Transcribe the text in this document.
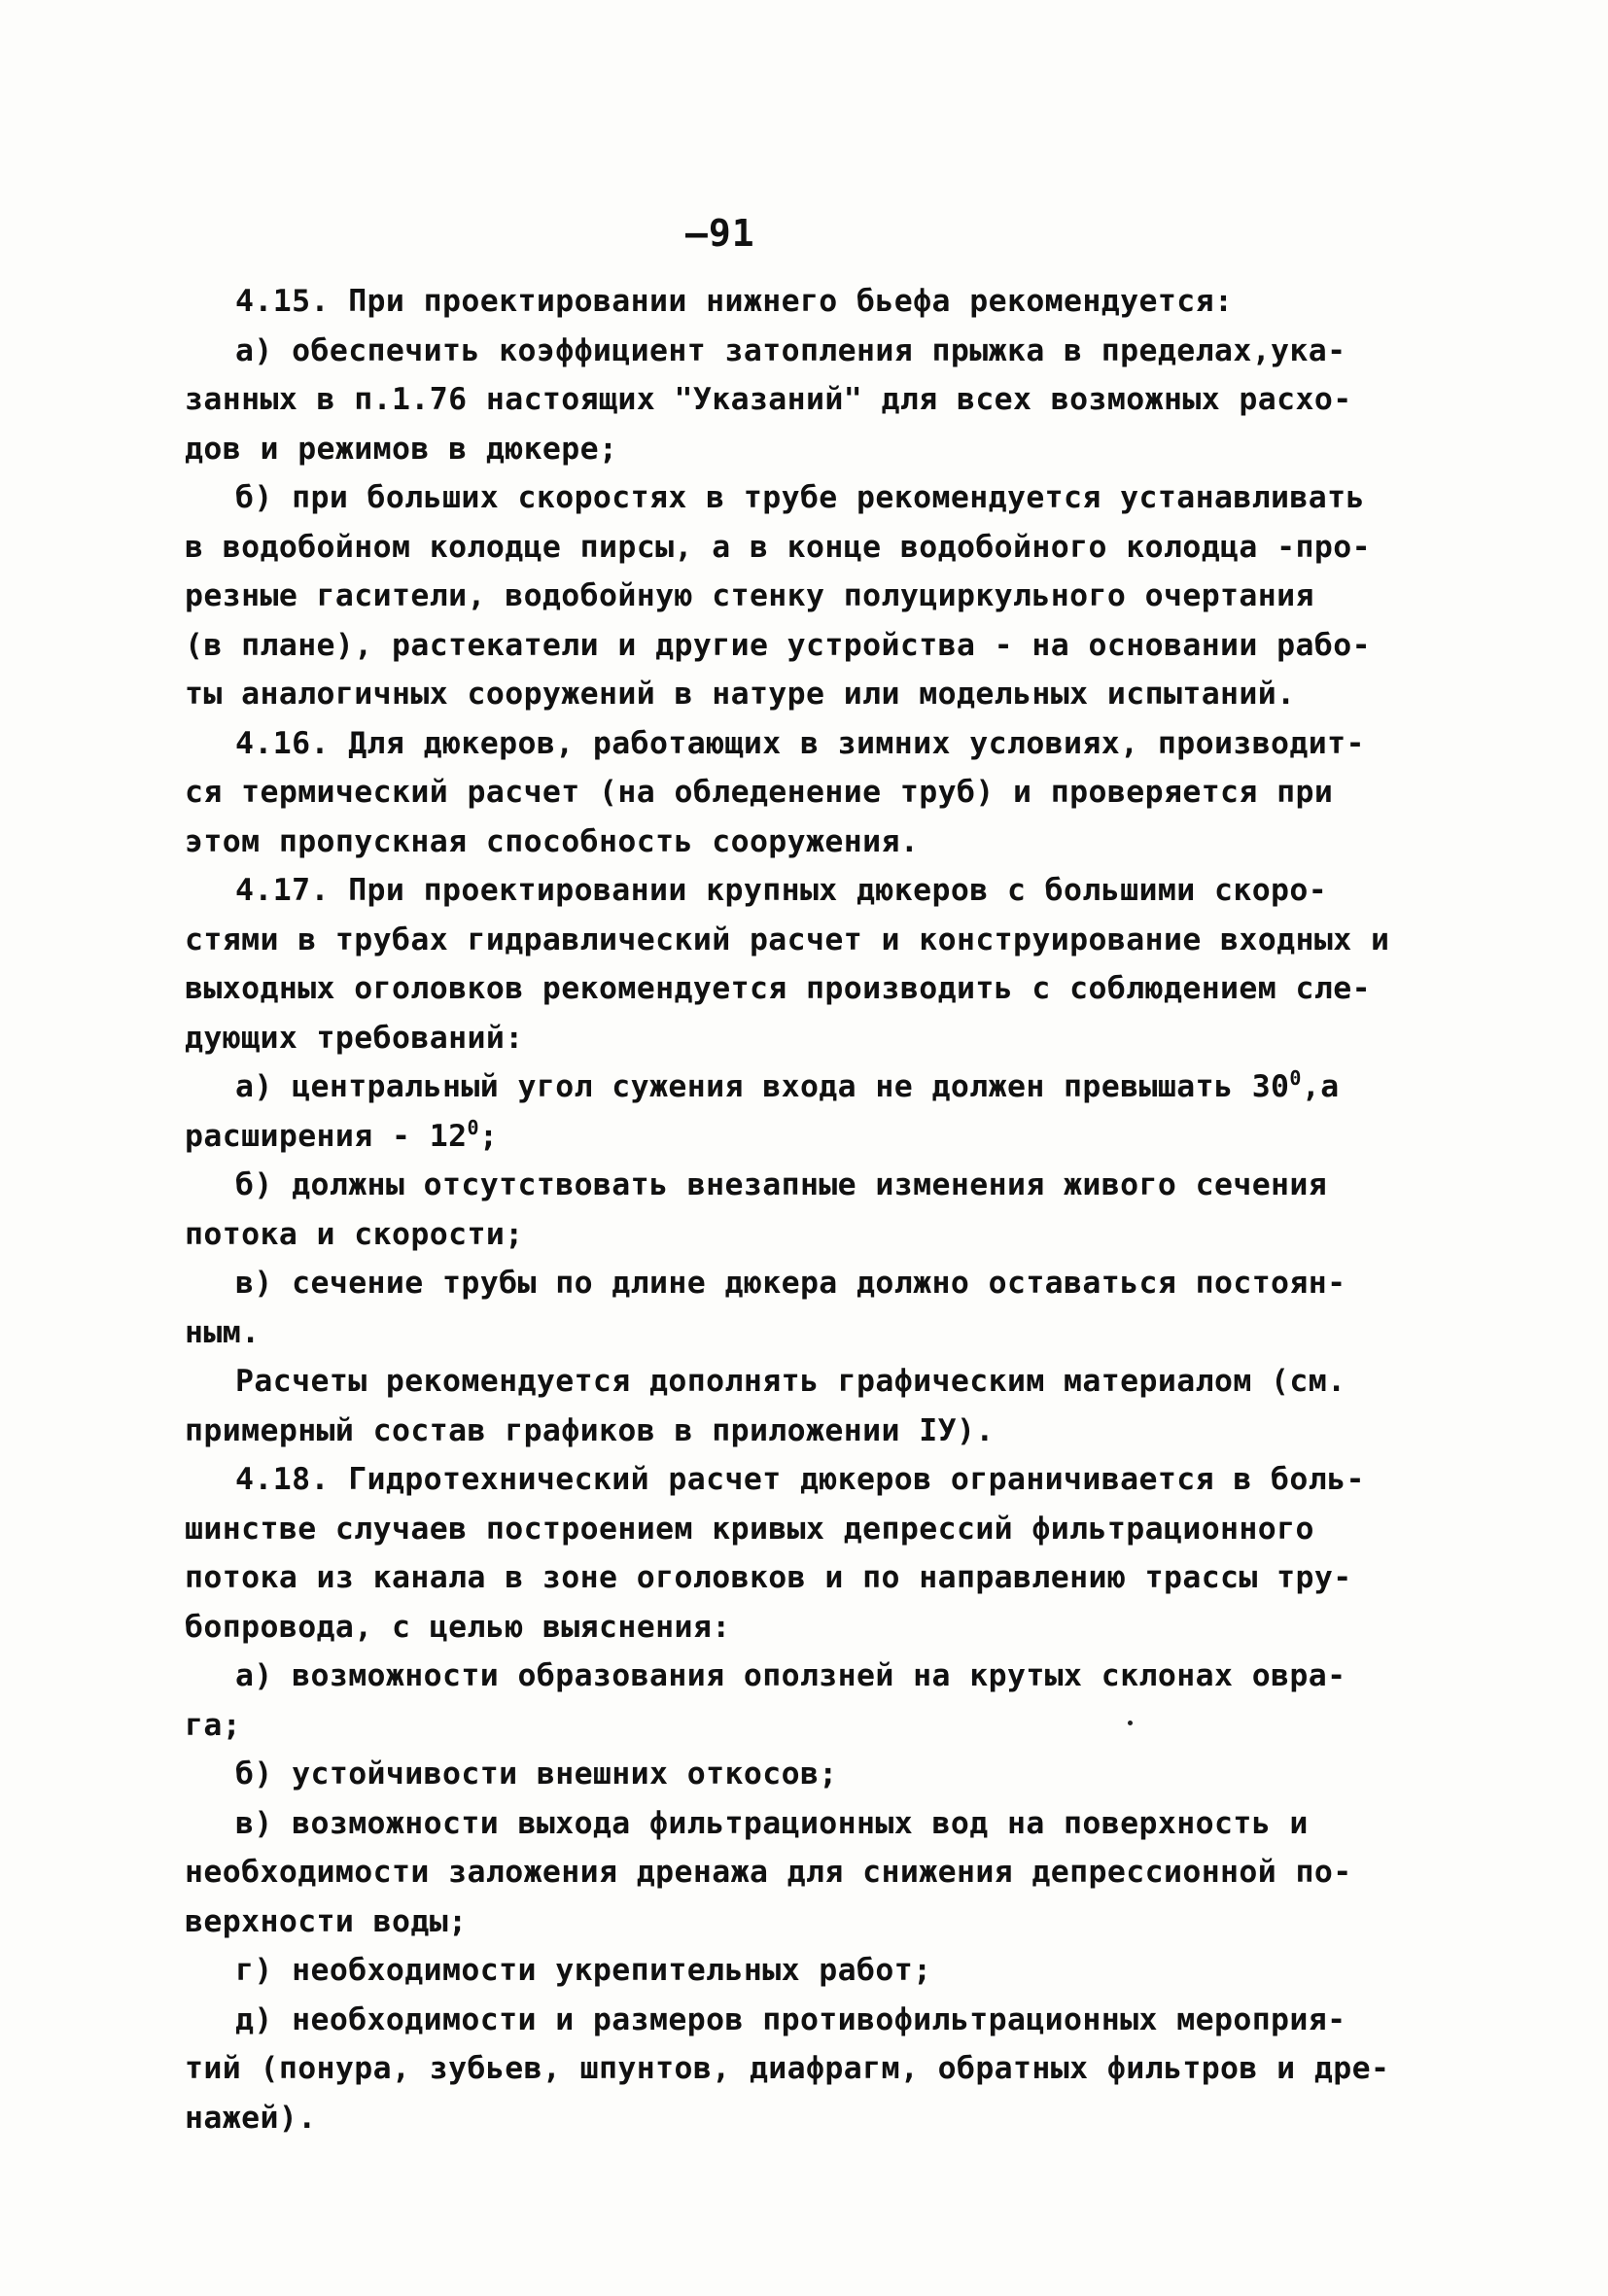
—91
4.15. При проектировании нижнего бьефа рекомендуется:
а) обеспечить коэффициент затопления прыжка в пределах,ука-
занных в п.1.76 настоящих "Указаний" для всех возможных расхо-
дов и режимов в дюкере;
б) при больших скоростях в трубе рекомендуется устанавливать
в водобойном колодце пирсы, а в конце водобойного колодца -про-
резные гасители, водобойную стенку полуциркульного очертания
(в плане), растекатели и другие устройства - на основании рабо-
ты аналогичных сооружений в натуре или модельных испытаний.
4.16. Для дюкеров, работающих в зимних условиях, производит-
ся термический расчет (на обледенение труб) и проверяется при
этом пропускная способность сооружения.
4.17. При проектировании крупных дюкеров с большими скоро-
стями в трубах гидравлический расчет и конструирование входных и
выходных оголовков рекомендуется производить с соблюдением сле-
дующих требований:
а) центральный угол сужения входа не должен превышать $30^0,а$
расширения - $12^0$;
б) должны отсутствовать внезапные изменения живого сечения
потока и скорости;
в) сечение трубы по длине дюкера должно оставаться постоян-
ным.
Расчеты рекомендуется дополнять графическим материалом (см.
примерный состав графиков в приложении IУ).
4.18. Гидротехнический расчет дюкеров ограничивается в боль-
шинстве случаев построением кривых депрессий фильтрационного
потока из канала в зоне оголовков и по направлению трассы тру-
бопровода, с целью выяснения:
а) возможности образования оползней на крутых склонах овра-
га;
б) устойчивости внешних откосов;
в) возможности выхода фильтрационных вод на поверхность и
необходимости заложения дренажа для снижения депрессионной по-
верхности воды;
г) необходимости укрепительных работ;
д) необходимости и размеров противофильтрационных мероприя-
тий (понура, зубьев, шпунтов, диафрагм, обратных фильтров и дре-
нажей).
